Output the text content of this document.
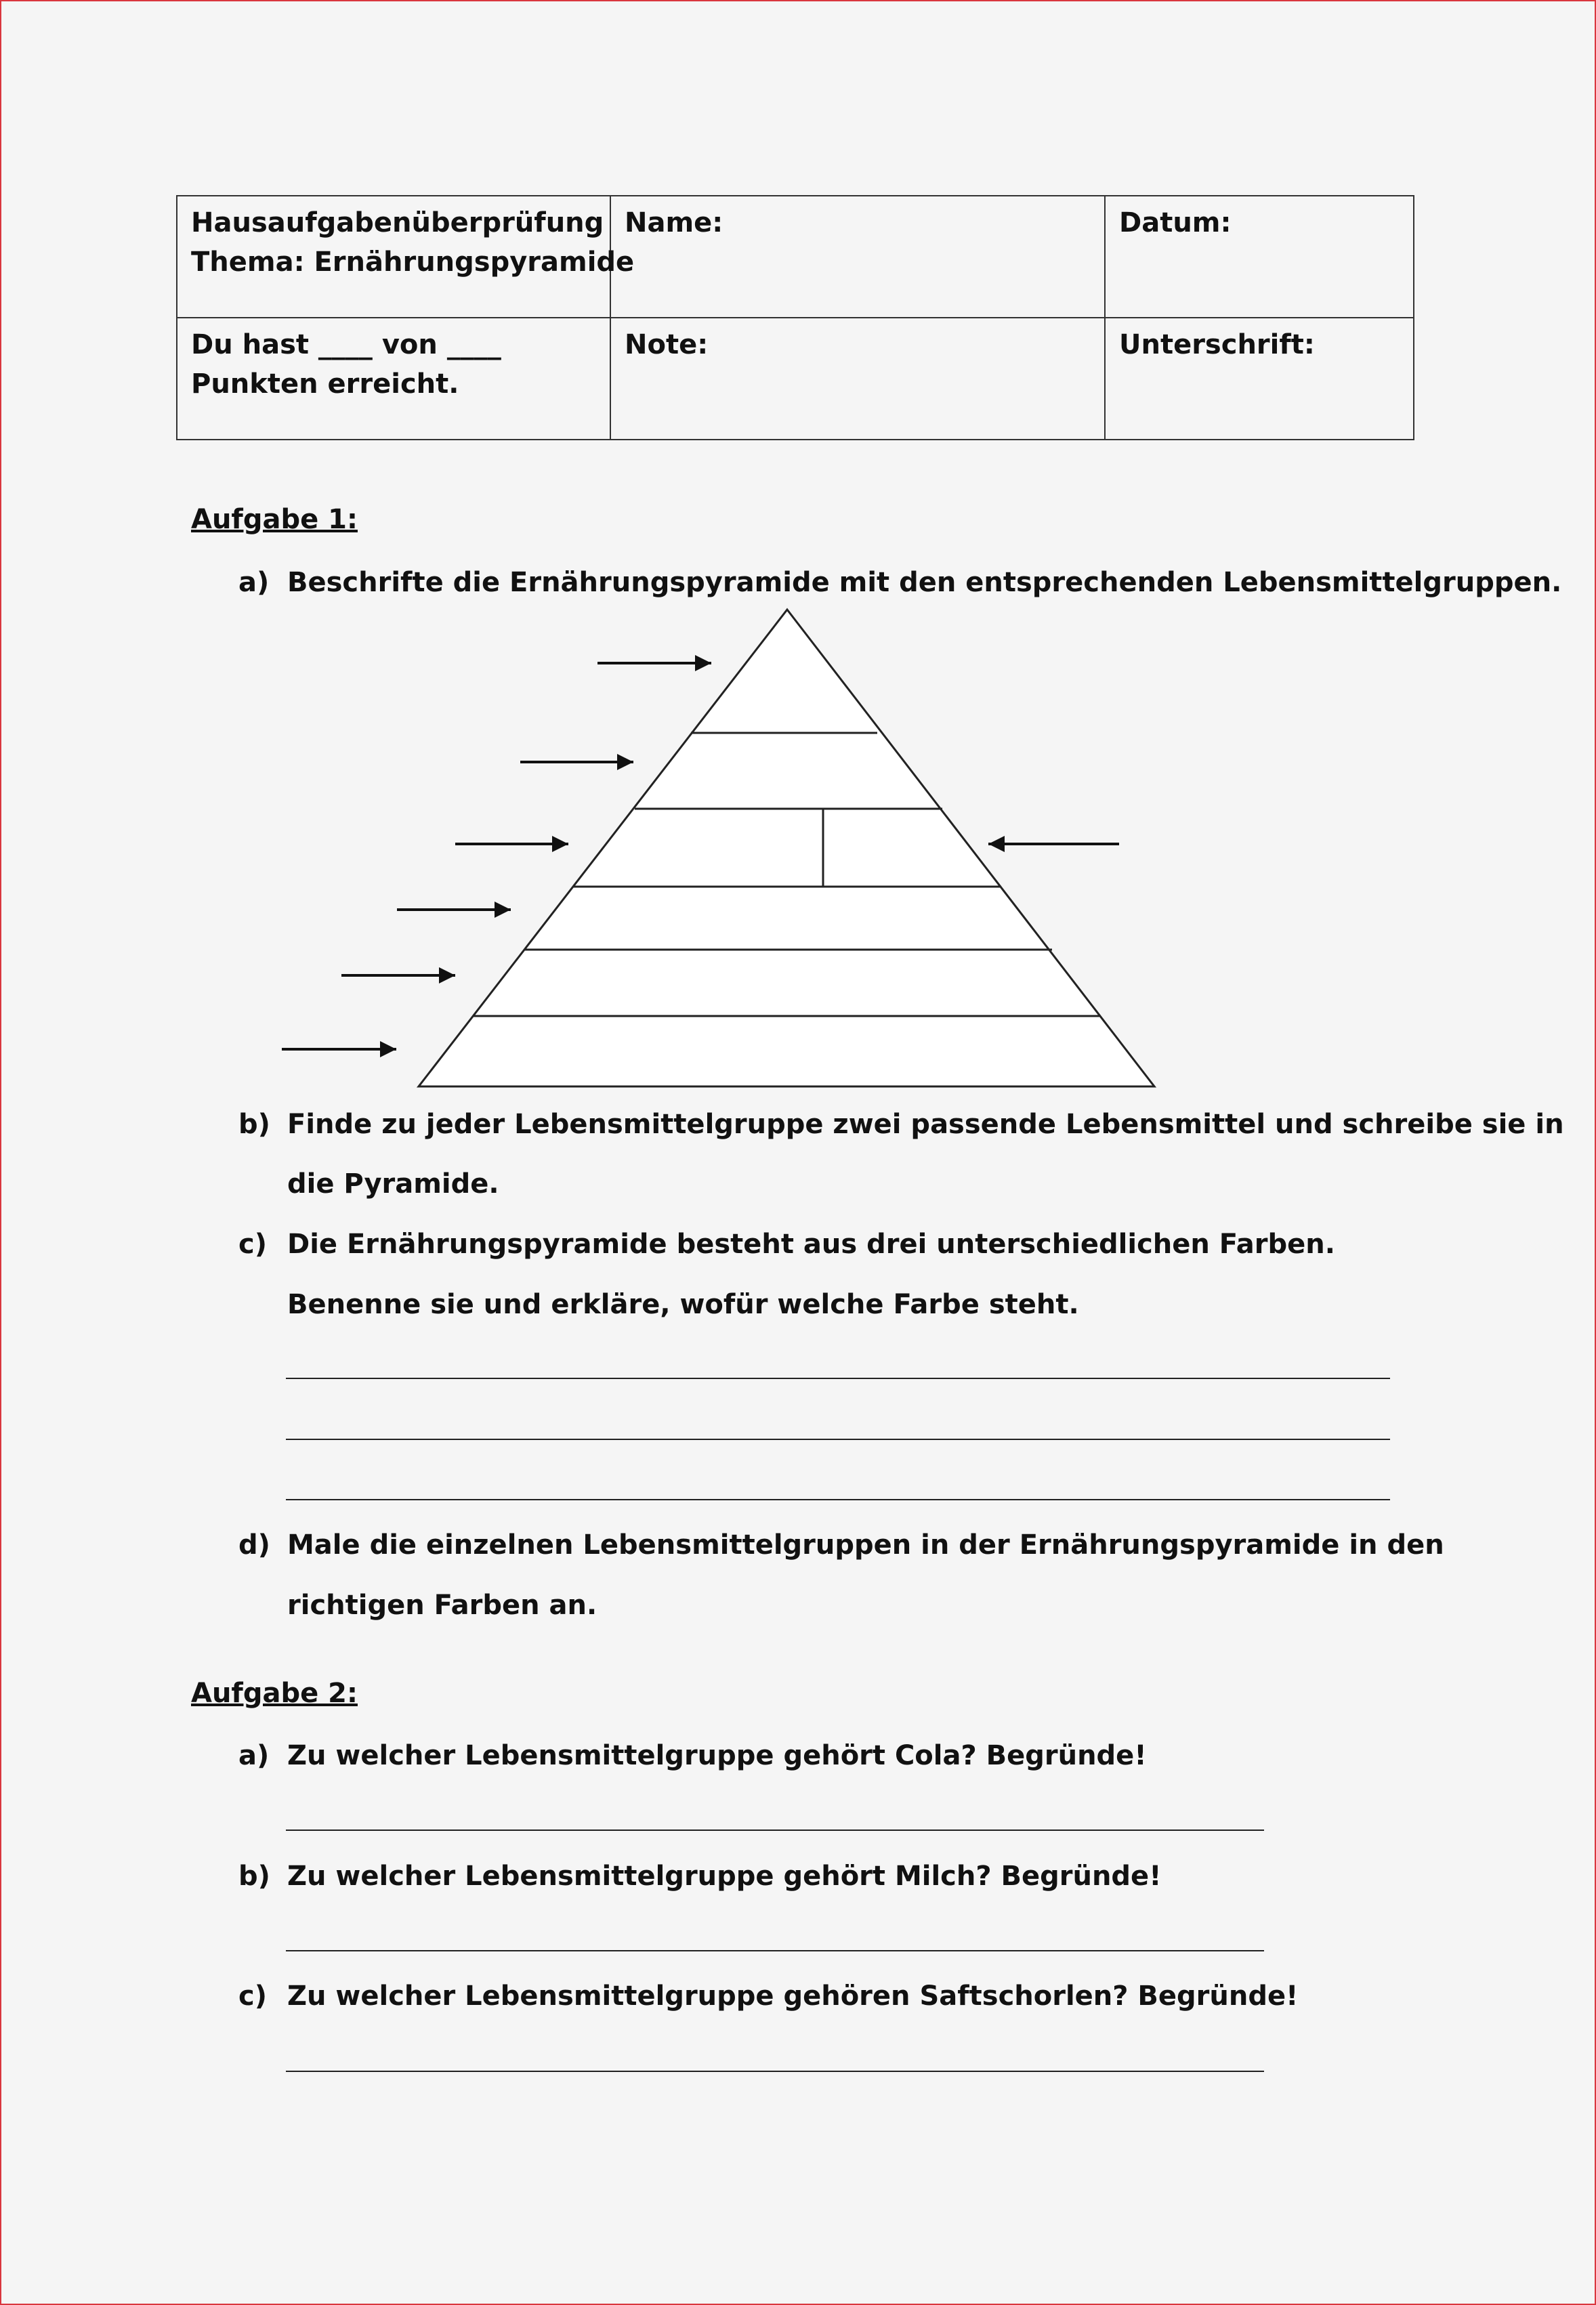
Hausaufgabenüberprüfung
Thema: Ernährungspyramide	Name:	Datum:

Du hast ____ von ____
Punkten erreicht.	Note:	Unterschrift:
Aufgabe 1:
a) Beschrifte die Ernährungspyramide mit den entsprechenden Lebensmittelgruppen.
b) Finde zu jeder Lebensmittelgruppe zwei passende Lebensmittel und schreibe sie in
die Pyramide.
c) Die Ernährungspyramide besteht aus drei unterschiedlichen Farben.
Benenne sie und erkläre, wofür welche Farbe steht.
d) Male die einzelnen Lebensmittelgruppen in der Ernährungspyramide in den
richtigen Farben an.
Aufgabe 2:
a) Zu welcher Lebensmittelgruppe gehört Cola? Begründe!
b) Zu welcher Lebensmittelgruppe gehört Milch? Begründe!
c) Zu welcher Lebensmittelgruppe gehören Saftschorlen? Begründe!
